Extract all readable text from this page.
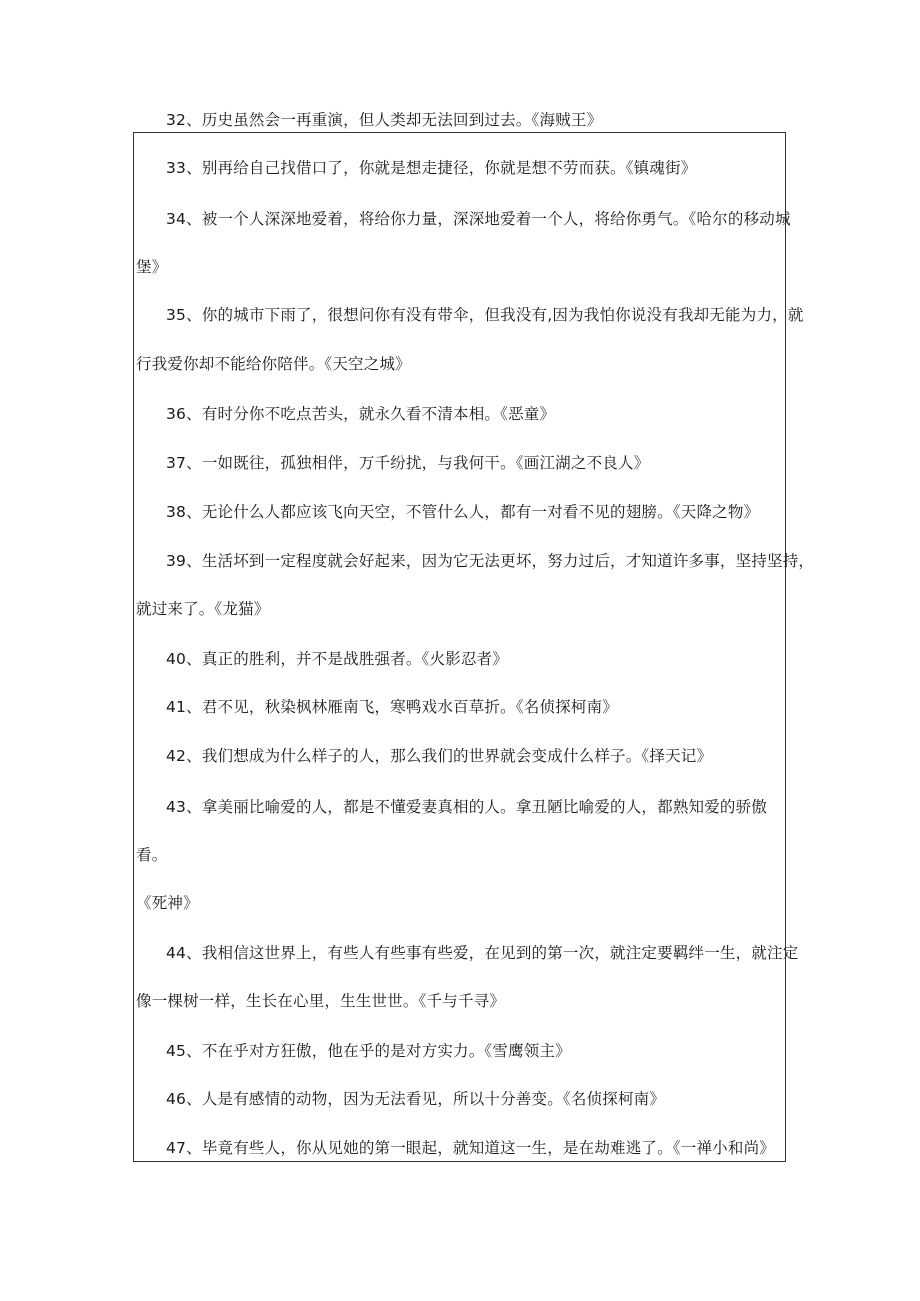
32、历史虽然会一再重演，但人类却无法回到过去。《海贼王》
33、别再给自己找借口了，你就是想走捷径，你就是想不劳而获。《镇魂街》
34、被一个人深深地爱着，将给你力量，深深地爱着一个人，将给你勇气。《哈尔的移动城
堡》
35、你的城市下雨了，很想问你有没有带伞，但我没有,因为我怕你说没有我却无能为力，就
行我爱你却不能给你陪伴。《天空之城》
36、有时分你不吃点苦头，就永久看不清本相。《恶童》
37、一如既往，孤独相伴，万千纷扰，与我何干。《画江湖之不良人》
38、无论什么人都应该飞向天空，不管什么人，都有一对看不见的翅膀。《天降之物》
39、生活坏到一定程度就会好起来，因为它无法更坏，努力过后，才知道许多事，坚持坚持，
就过来了。《龙猫》
40、真正的胜利，并不是战胜强者。《火影忍者》
41、君不见，秋染枫林雁南飞，寒鸭戏水百草折。《名侦探柯南》
42、我们想成为什么样子的人，那么我们的世界就会变成什么样子。《择天记》
43、拿美丽比喻爱的人，都是不懂爱妻真相的人。拿丑陋比喻爱的人，都熟知爱的骄傲
看。
《死神》
44、我相信这世界上，有些人有些事有些爱，在见到的第一次，就注定要羁绊一生，就注定
像一棵树一样，生长在心里，生生世世。《千与千寻》
45、不在乎对方狂傲，他在乎的是对方实力。《雪鹰领主》
46、人是有感情的动物，因为无法看见，所以十分善变。《名侦探柯南》
47、毕竟有些人，你从见她的第一眼起，就知道这一生，是在劫难逃了。《一禅小和尚》
